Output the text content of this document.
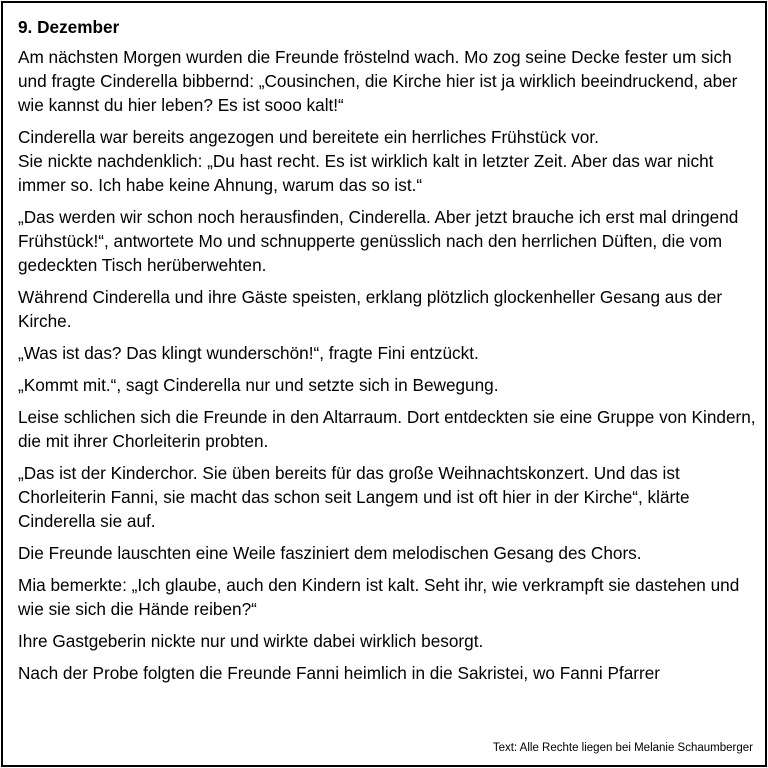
9. Dezember
Am nächsten Morgen wurden die Freunde fröstelnd wach. Mo zog seine Decke fester um sich und fragte Cinderella bibbernd: „Cousinchen, die Kirche hier ist ja wirklich beeindruckend, aber wie kannst du hier leben? Es ist sooo kalt!“
Cinderella war bereits angezogen und bereitete ein herrliches Frühstück vor.
Sie nickte nachdenklich: „Du hast recht. Es ist wirklich kalt in letzter Zeit. Aber das war nicht immer so. Ich habe keine Ahnung, warum das so ist.“
„Das werden wir schon noch herausfinden, Cinderella. Aber jetzt brauche ich erst mal dringend Frühstück!“, antwortete Mo und schnupperte genüsslich nach den herrlichen Düften, die vom gedeckten Tisch herüberwehten.
Während Cinderella und ihre Gäste speisten, erklang plötzlich glockenheller Gesang aus der Kirche.
„Was ist das? Das klingt wunderschön!“, fragte Fini entzückt.
„Kommt mit.“, sagt Cinderella nur und setzte sich in Bewegung.
Leise schlichen sich die Freunde in den Altarraum. Dort entdeckten sie eine Gruppe von Kindern, die mit ihrer Chorleiterin probten.
„Das ist der Kinderchor. Sie üben bereits für das große Weihnachtskonzert. Und das ist Chorleiterin Fanni, sie macht das schon seit Langem und ist oft hier in der Kirche“, klärte Cinderella sie auf.
Die Freunde lauschten eine Weile fasziniert dem melodischen Gesang des Chors.
Mia bemerkte: „Ich glaube, auch den Kindern ist kalt. Seht ihr, wie verkrampft sie dastehen und wie sie sich die Hände reiben?“
Ihre Gastgeberin nickte nur und wirkte dabei wirklich besorgt.
Nach der Probe folgten die Freunde Fanni heimlich in die Sakristei, wo Fanni Pfarrer
Text: Alle Rechte liegen bei Melanie Schaumberger
